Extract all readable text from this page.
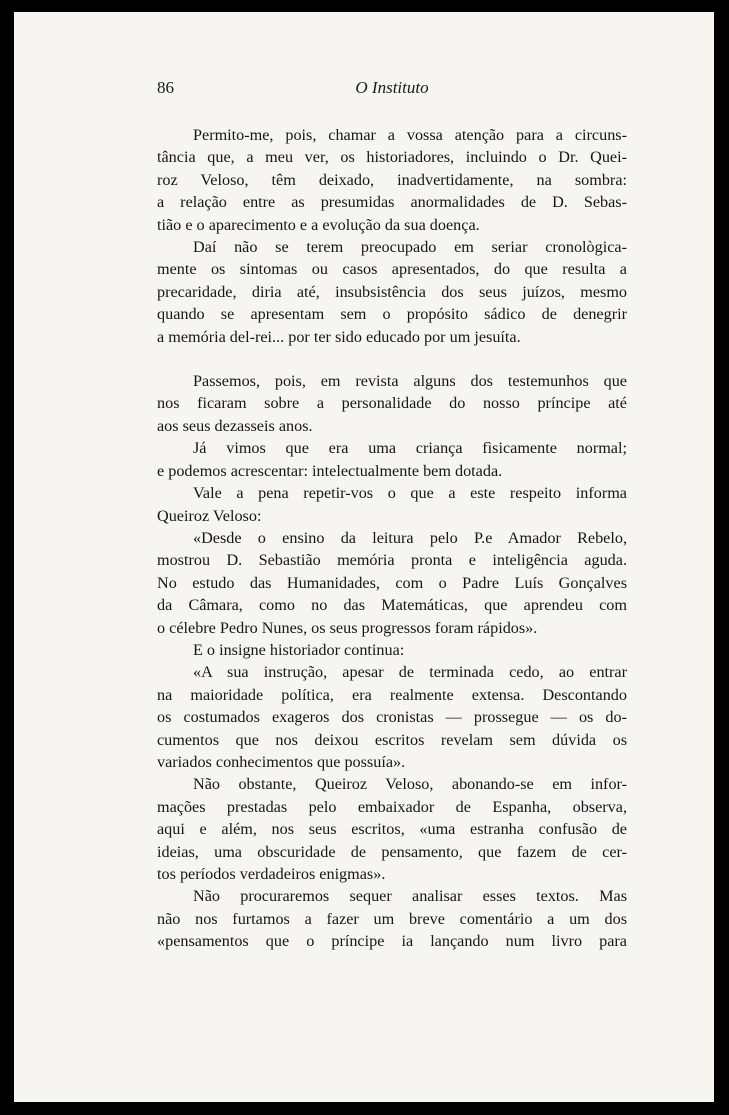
86	O Instituto
Permito-me, pois, chamar a vossa atenção para a circuns-
tância que, a meu ver, os historiadores, incluindo o Dr. Quei-
roz Veloso, têm deixado, inadvertidamente, na sombra:
a relação entre as presumidas anormalidades de D. Sebas-
tião e o aparecimento e a evolução da sua doença.
Daí não se terem preocupado em seriar cronològica-
mente os sintomas ou casos apresentados, do que resulta a
precaridade, diria até, insubsistência dos seus juízos, mesmo
quando se apresentam sem o propósito sádico de denegrir
a memória del-rei... por ter sido educado por um jesuíta.
Passemos, pois, em revista alguns dos testemunhos que
nos ficaram sobre a personalidade do nosso príncipe até
aos seus dezasseis anos.
Já vimos que era uma criança fìsicamente normal;
e podemos acrescentar: intelectualmente bem dotada.
Vale a pena repetir-vos o que a este respeito informa
Queiroz Veloso:
«Desde o ensino da leitura pelo P.e Amador Rebelo,
mostrou D. Sebastião memória pronta e inteligência aguda.
No estudo das Humanidades, com o Padre Luís Gonçalves
da Câmara, como no das Matemáticas, que aprendeu com
o célebre Pedro Nunes, os seus progressos foram rápidos».
E o insigne historiador continua:
«A sua instrução, apesar de terminada cedo, ao entrar
na maioridade política, era realmente extensa. Descontando
os costumados exageros dos cronistas — prossegue — os do-
cumentos que nos deixou escritos revelam sem dúvida os
variados conhecimentos que possuía».
Não obstante, Queiroz Veloso, abonando-se em infor-
mações prestadas pelo embaixador de Espanha, observa,
aqui e além, nos seus escritos, «uma estranha confusão de
ideias, uma obscuridade de pensamento, que fazem de cer-
tos períodos verdadeiros enigmas».
Não procuraremos sequer analisar esses textos. Mas
não nos furtamos a fazer um breve comentário a um dos
«pensamentos que o príncipe ia lançando num livro para
